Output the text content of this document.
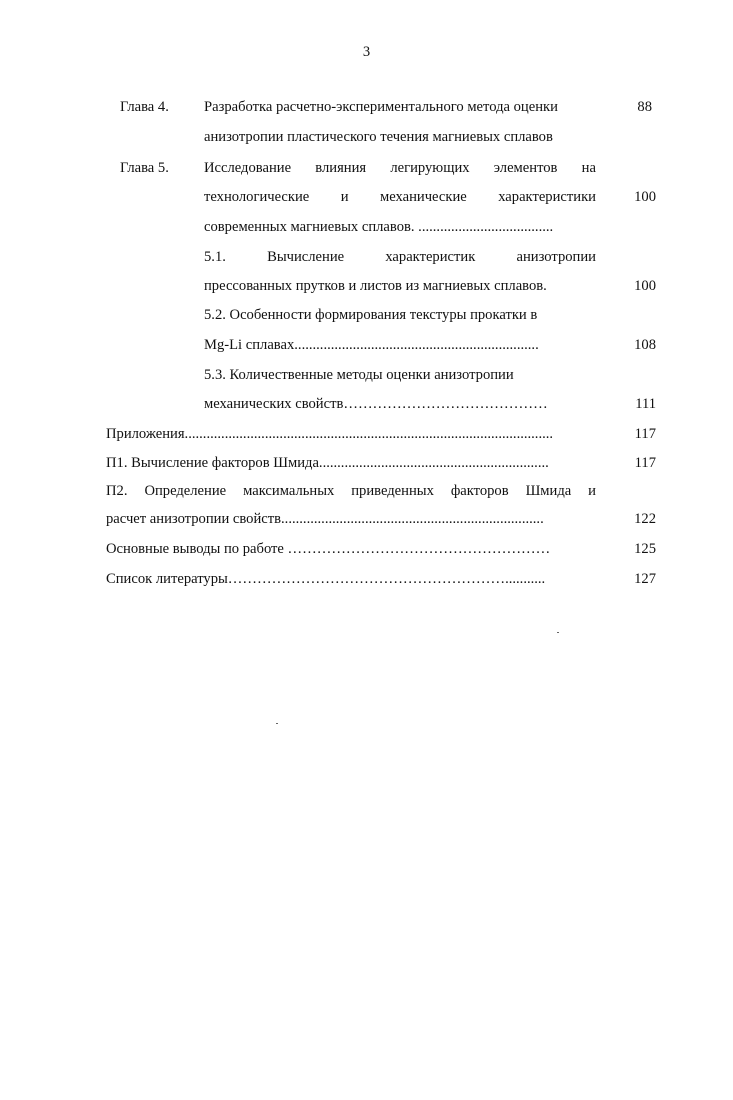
3
Глава 4. Разработка расчетно-экспериментального метода оценки	88
анизотропии пластического течения магниевых сплавов
Глава 5. Исследование влияния легирующих элементов на
технологические и механические характеристики	100
современных магниевых сплавов. .....................................
5.1.	Вычисление	характеристик	анизотропии
прессованных прутков и листов из магниевых сплавов.	100
5.2. Особенности формирования текстуры прокатки в
Mg-Li сплавах...................................................................	108
5.3. Количественные методы оценки анизотропии
механических свойств……………………………………	111
Приложения.....................................................................................................	117
П1. Вычисление факторов Шмида...............................................................	117
П2. Определение максимальных приведенных факторов Шмида и
расчет анизотропии свойств........................................................................	122
Основные выводы по работе ………………………………………………	125
Список литературы…………………………………………………...........	127
